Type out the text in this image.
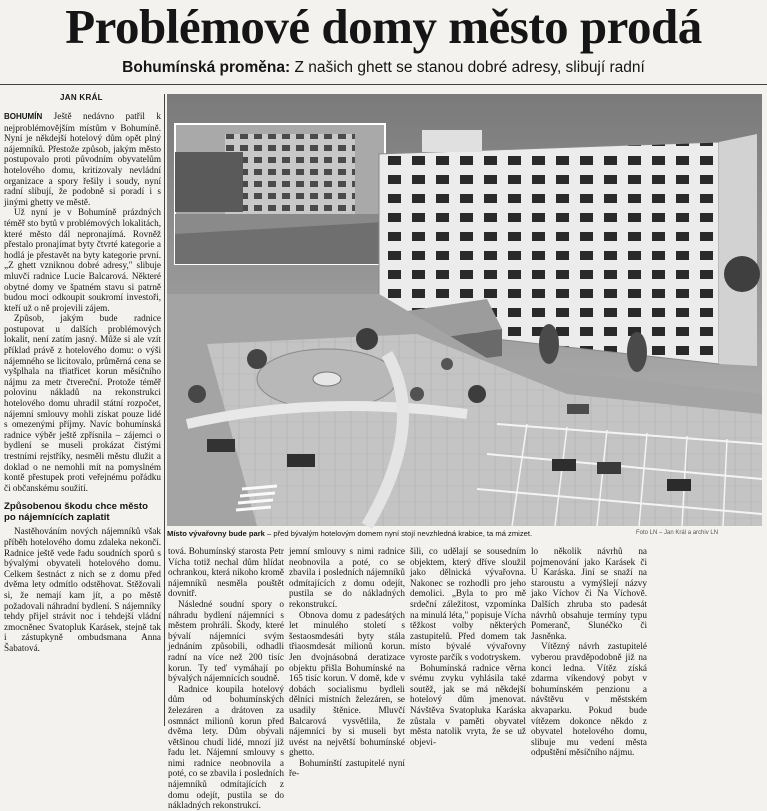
Problémové domy město prodá
Bohumínská proměna: Z našich ghett se stanou dobré adresy, slibují radní
JAN KRÁL

BOHUMÍN Ještě nedávno patřil k nejproblémovějším místům v Bohumíně. Nyní je někdejší hotelový dům opět plný nájemníků. Přestože způsob, jakým město postupovalo proti původním obyvatelům hotelového domu, kritizovaly nevládní organizace a spory řešily i soudy, nyní radní slibují, že podobně si poradí i s jinými ghetty ve městě.

Už nyní je v Bohumíně prázdných téměř sto bytů v problémových lokalitách, které město dál nepronajímá. Rovněž přestalo pronajímat byty čtvrté kategorie a hodlá je přestavět na byty kategorie první. „Z ghett vzniknou dobré adresy," slibuje mluvčí radnice Lucie Balcarová. Některé obytné domy ve špatném stavu si patrně budou moci odkoupit soukromí investoři, kteří už o ně projevili zájem.

Způsob, jakým bude radnice postupovat u dalších problémových lokalit, není zatím jasný. Může si ale vzít příklad právě z hotelového domu: o výši nájemného se licitovalo, průměrná cena se vyšplhala na třiatřicet korun měsíčního nájmu za metr čtvereční. Protože téměř polovinu nákladů na rekonstrukci hotelového domu uhradil státní rozpočet, nájemní smlouvy mohli získat pouze lidé s omezenými příjmy. Navíc bohumínská radnice výběr ještě zpřísnila – zájemci o bydlení se museli prokázat čistými trestními rejstříky, nesměli městu dlužit a doklad o ne nemohli mít na pomyslném kontě přestupek proti veřejnému pořádku či občanskému soužití.

Způsobenou škodu chce město po nájemnících zaplatit

Nastěhováním nových nájemníků však příběh hotelového domu zdaleka nekončí. Radnice ještě vede řadu soudních sporů s bývalými obyvateli hotelového domu. Celkem šestnáct z nich se z domu před dvěma lety odmítlo odstěhovat. Stěžovali si, že nemají kam jít, a po městě požadovali náhradní bydlení. S nájemníky tehdy přijel strávit noc i tehdejší vládní zmocněnec Svatopluk Karásek, stejně tak i zástupkyně ombudsmana Anna Šabatová.

Místo vývařovny bude park – před bývalým hotelovým domem nyní stojí nevzhledná krabice, ta má zmizet.	Foto LN – Jan Král a archiv LN

tová. Bohumínský starosta Petr Vícha totiž nechal dům hlídat ochrankou, která nikoho kromě nájemníků nesměla pouštět dovnitř.

Následné soudní spory o náhradu bydlení nájemníci s městem prohráli. Škody, které bývalí nájemníci svým jednáním způsobili, odhadli radní na více než 200 tisíc korun. Ty teď vymáhají po bývalých nájemnících soudně.

Radnice koupila hotelový dům od bohumínských železáren a drátoven za osmnáct milionů korun před dvěma lety. Dům obývali většinou chudí lidé, mnozí již řadu let. Nájemní smlouvy s nimi radnice neobnovila a poté, co se zbavila i posledních nájemníků odmítajících z domu odejít, pustila se do nákladných rekonstrukcí.

jemní smlouvy s nimi radnice neobnovila a poté, co se zbavila i posledních nájemníků odmítajících z domu odejít, pustila se do nákladných rekonstrukcí.

Obnova domu z padesátých let minulého století s šestaosmdesáti byty stála třiaosmdesát milionů korun. Jen dvojnásobná deratizace objektu přišla Bohumínské na 165 tisíc korun. V domě, kde v dobách socialismu bydleli dělníci místních železáren, se usadily štěnice. Mluvčí Balcarová vysvětlila, že nájemníci by si museli byt uvést na největší bohumínské ghetto.

Bohumínští zastupitelé nyní ře-

šili, co udělají se sousedním objektem, který dříve sloužil jako dělnická vývařovna. Nakonec se rozhodli pro jeho demolici. „Byla to pro mě srdeční záležitost, vzpomínka na minulá léta," popisuje Vícha těžkost volby některých zastupitelů. Před domem tak místo bývalé vývařovny vyroste parčík s vodotryskem.

Bohumínská radnice věrna svému zvyku vyhlásila také soutěž, jak se má někdejší hotelový dům jmenovat. Návštěva Svatopluka Karáska zůstala v paměti obyvatel města natolik vryta, že se už objevi-

lo několik návrhů na pojmenování jako Karásek či U Karáska. Jiní se snaží na staroustu a vymýšlejí názvy jako Víchov či Na Víchově. Dalších zhruba sto padesát návrhů obsahuje termíny typu Pomeranč, Slunéčko či Jasněnka.

Vítězný návrh zastupitelé vyberou pravděpodobně již na konci ledna. Vítěz získá zdarma víkendový pobyt v bohumínském penzionu a návštěvu v městském akvaparku. Pokud bude vítězem dokonce někdo z obyvatel hotelového domu, slibuje mu vedení města odpuštění měsíčního nájmu.
